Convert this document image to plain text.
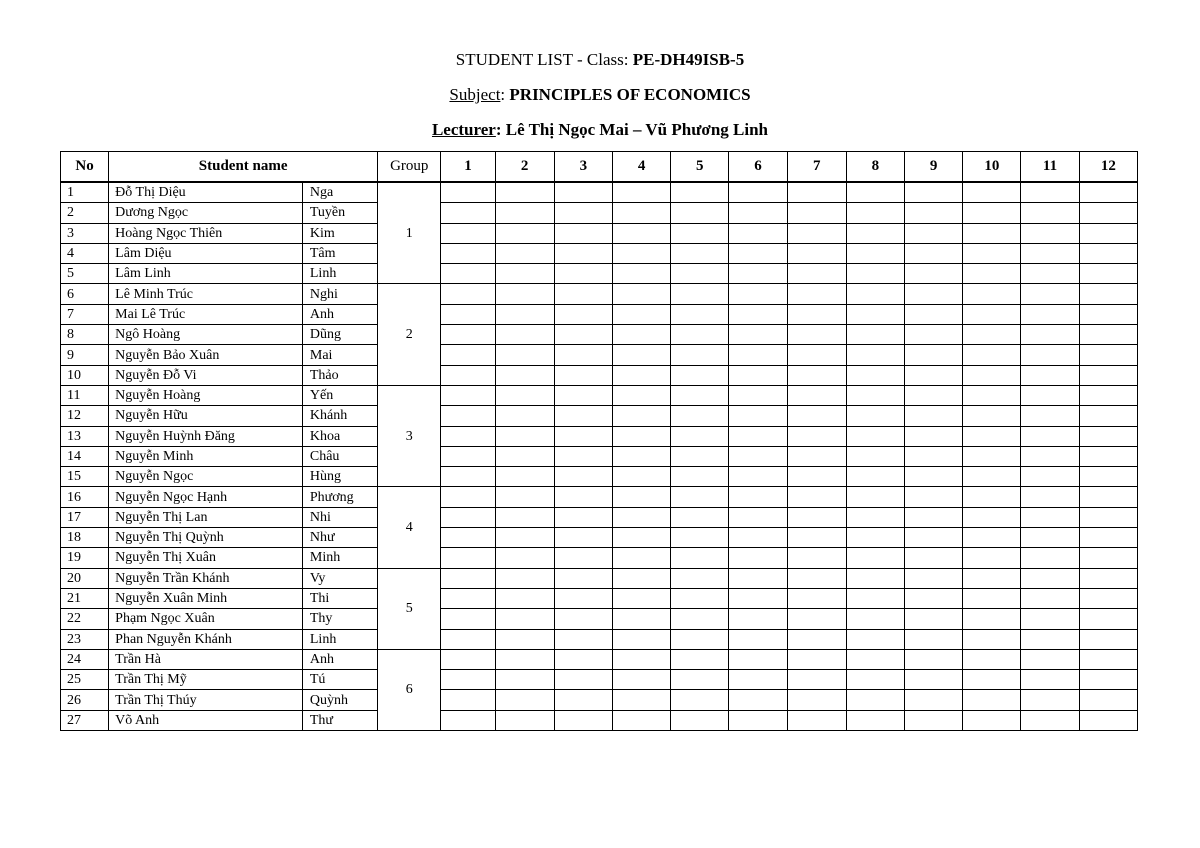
STUDENT LIST - Class: PE-DH49ISB-5
Subject: PRINCIPLES OF ECONOMICS
Lecturer: Lê Thị Ngọc Mai – Vũ Phương Linh
No	Student name		Group	1	2	3	4	5	6	7	8	9	10	11	12
1	Đỗ Thị Diệu	Nga	1												
2	Dương Ngọc	Tuyền													
3	Hoàng Ngọc Thiên	Kim													
4	Lâm Diệu	Tâm													
5	Lâm Linh	Linh													
6	Lê Minh Trúc	Nghi	2												
7	Mai Lê Trúc	Anh													
8	Ngô Hoàng	Dũng													
9	Nguyễn Bảo Xuân	Mai													
10	Nguyễn Đỗ Vi	Thảo													
11	Nguyễn Hoàng	Yến	3												
12	Nguyễn Hữu	Khánh													
13	Nguyễn Huỳnh Đăng	Khoa													
14	Nguyễn Minh	Châu													
15	Nguyễn Ngọc	Hùng													
16	Nguyễn Ngọc Hạnh	Phương	4												
17	Nguyễn Thị Lan	Nhi													
18	Nguyễn Thị Quỳnh	Như													
19	Nguyễn Thị Xuân	Minh													
20	Nguyễn Trần Khánh	Vy	5												
21	Nguyễn Xuân Minh	Thi													
22	Phạm Ngọc Xuân	Thy													
23	Phan Nguyễn Khánh	Linh													
24	Trần Hà	Anh	6												
25	Trần Thị Mỹ	Tú													
26	Trần Thị Thúy	Quỳnh													
27	Võ Anh	Thư													
